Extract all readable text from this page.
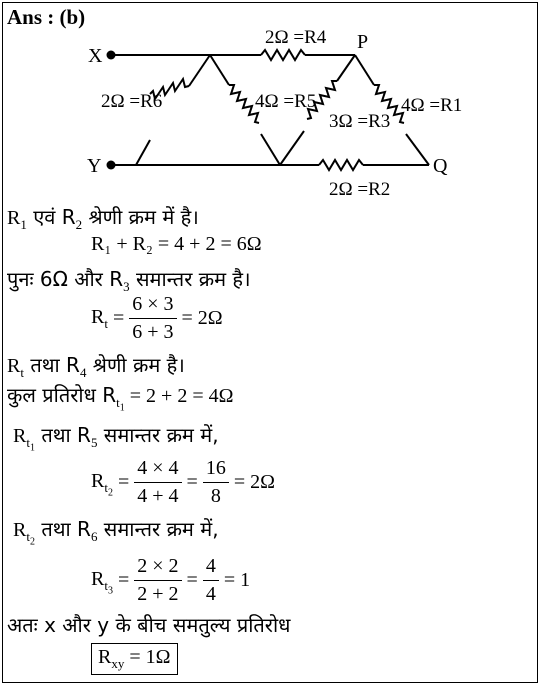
Ans : (b)
X
Y
P
Q
2Ω =R4
2Ω =R6	4Ω =R5
3Ω =R3
4Ω =R1
2Ω =R2
$R_1$ एवं $R_2$ श्रेणी क्रम में है।
R₁ + R₂ = 4 + 2 = 6Ω
पुनः 6Ω और $R_3$ समान्तर क्रम है।
$R_t = \frac{6 \times 3}{6 + 3} = 2\Omega$
$R_t$ तथा $R_4$ श्रेणी क्रम है।
कुल प्रतिरोध $R_{t_1} = 2 + 2 = 4\Omega$
$R_{t_1}$ तथा $R_5$ समान्तर क्रम में,
$R_{t_2} = \frac{4 \times 4}{4 + 4} = \frac{16}{8} = 2\Omega$
$R_{t_2}$ तथा $R_6$ समान्तर क्रम में,
$R_{t_3} = \frac{2 \times 2}{2 + 2} = \frac{4}{4} = 1$
अतः x और y के बीच समतुल्य प्रतिरोध
$R_{xy} = 1\Omega$
